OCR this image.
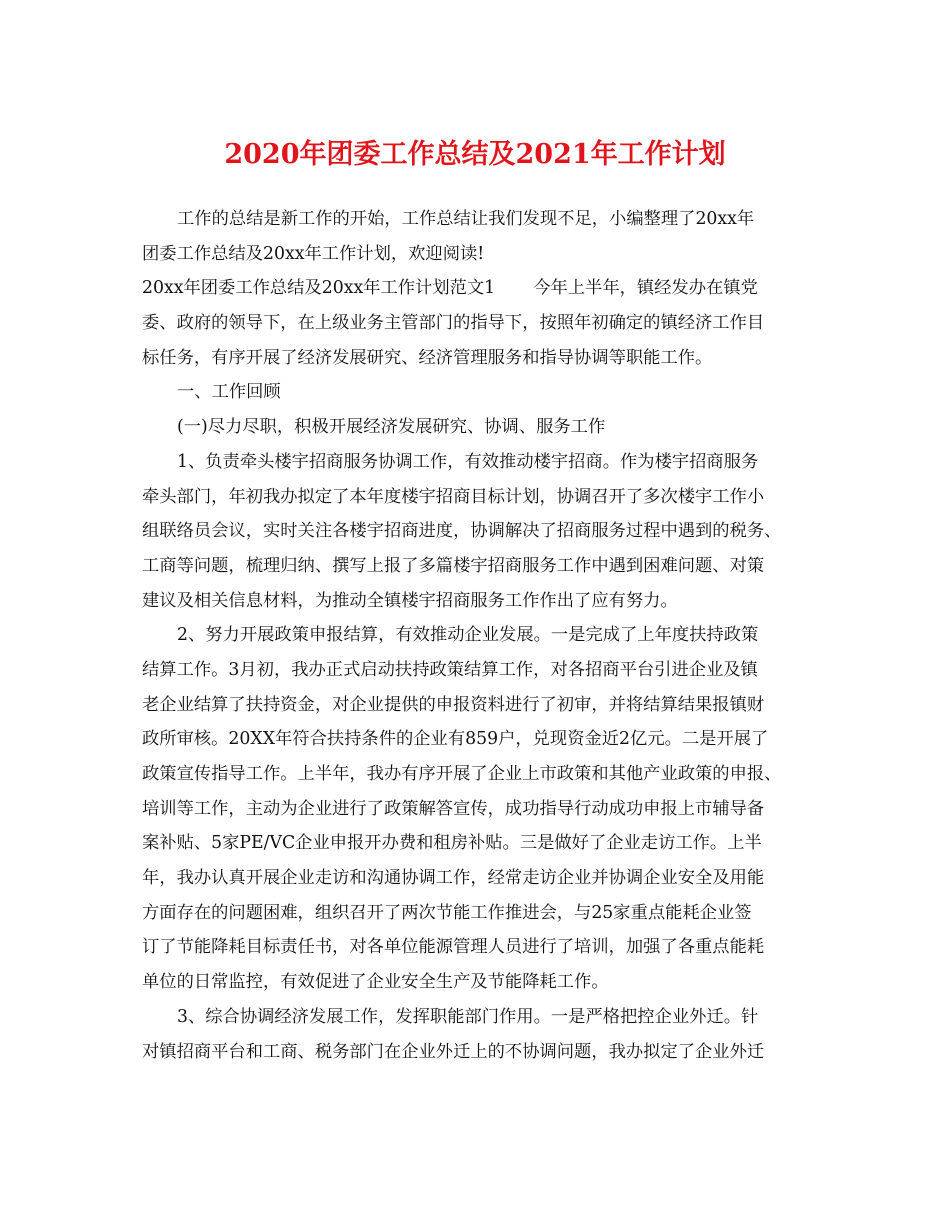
2020年团委工作总结及2021年工作计划
工作的总结是新工作的开始，工作总结让我们发现不足，小编整理了20xx年
团委工作总结及20xx年工作计划，欢迎阅读!
20xx年团委工作总结及20xx年工作计划范文1 今年上半年，镇经发办在镇党
委、政府的领导下，在上级业务主管部门的指导下，按照年初确定的镇经济工作目
标任务，有序开展了经济发展研究、经济管理服务和指导协调等职能工作。
一、工作回顾
(一)尽力尽职，积极开展经济发展研究、协调、服务工作
1、负责牵头楼宇招商服务协调工作，有效推动楼宇招商。作为楼宇招商服务
牵头部门，年初我办拟定了本年度楼宇招商目标计划，协调召开了多次楼宇工作小
组联络员会议，实时关注各楼宇招商进度，协调解决了招商服务过程中遇到的税务、
工商等问题，梳理归纳、撰写上报了多篇楼宇招商服务工作中遇到困难问题、对策
建议及相关信息材料，为推动全镇楼宇招商服务工作作出了应有努力。
2、努力开展政策申报结算，有效推动企业发展。一是完成了上年度扶持政策
结算工作。3月初，我办正式启动扶持政策结算工作，对各招商平台引进企业及镇
老企业结算了扶持资金，对企业提供的申报资料进行了初审，并将结算结果报镇财
政所审核。20XX年符合扶持条件的企业有859户，兑现资金近2亿元。二是开展了
政策宣传指导工作。上半年，我办有序开展了企业上市政策和其他产业政策的申报、
培训等工作，主动为企业进行了政策解答宣传，成功指导行动成功申报上市辅导备
案补贴、5家PE/VC企业申报开办费和租房补贴。三是做好了企业走访工作。上半
年，我办认真开展企业走访和沟通协调工作，经常走访企业并协调企业安全及用能
方面存在的问题困难，组织召开了两次节能工作推进会，与25家重点能耗企业签
订了节能降耗目标责任书，对各单位能源管理人员进行了培训，加强了各重点能耗
单位的日常监控，有效促进了企业安全生产及节能降耗工作。
3、综合协调经济发展工作，发挥职能部门作用。一是严格把控企业外迁。针
对镇招商平台和工商、税务部门在企业外迁上的不协调问题，我办拟定了企业外迁
